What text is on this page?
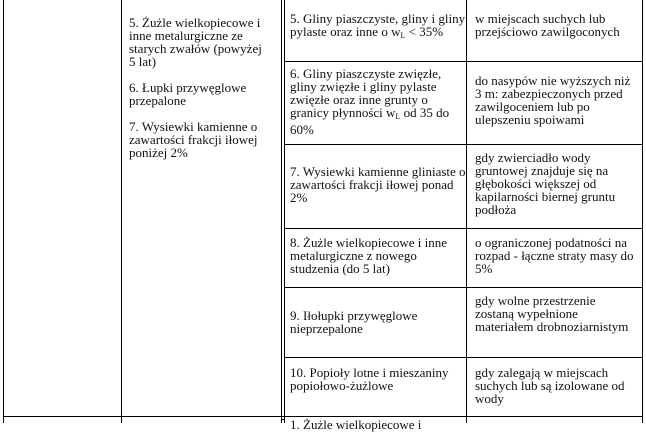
5. Żużle wielkopiecowe i inne metalurgiczne ze starych zwałów (powyżej 5 lat)

6. Łupki przywęglowe przepalone

7. Wysiewki kamienne o zawartości frakcji iłowej poniżej 2%

5. Gliny piaszczyste, gliny i gliny pylaste oraz inne o $w_L < 35\%$
w miejscach suchych lub przejściowo zawilgoconych
6. Gliny piaszczyste zwięzłe, gliny zwięzłe i gliny pylaste zwięzłe oraz inne grunty o granicy płynności $w_L$ od 35 do 60%
do nasypów nie wyższych niż 3 m: zabezpieczonych przed zawilgoceniem lub po ulepszeniu spoiwami
7. Wysiewki kamienne gliniaste o zawartości frakcji iłowej ponad 2%
gdy zwierciadło wody gruntowej znajduje się na głębokości większej od kapilarności biernej gruntu podłoża
8. Żużle wielkopiecowe i inne metalurgiczne z nowego studzenia (do 5 lat)
o ograniczonej podatności na rozpad - łączne straty masy do 5%
9. Iłołupki przywęglowe nieprzepalone
gdy wolne przestrzenie zostaną wypełnione materiałem drobnoziarnistym
10. Popioły lotne i mieszaniny popiołowo-żużlowe
gdy zalegają w miejscach suchych lub są izolowane od wody
1. Żużle wielkopiecowe i
